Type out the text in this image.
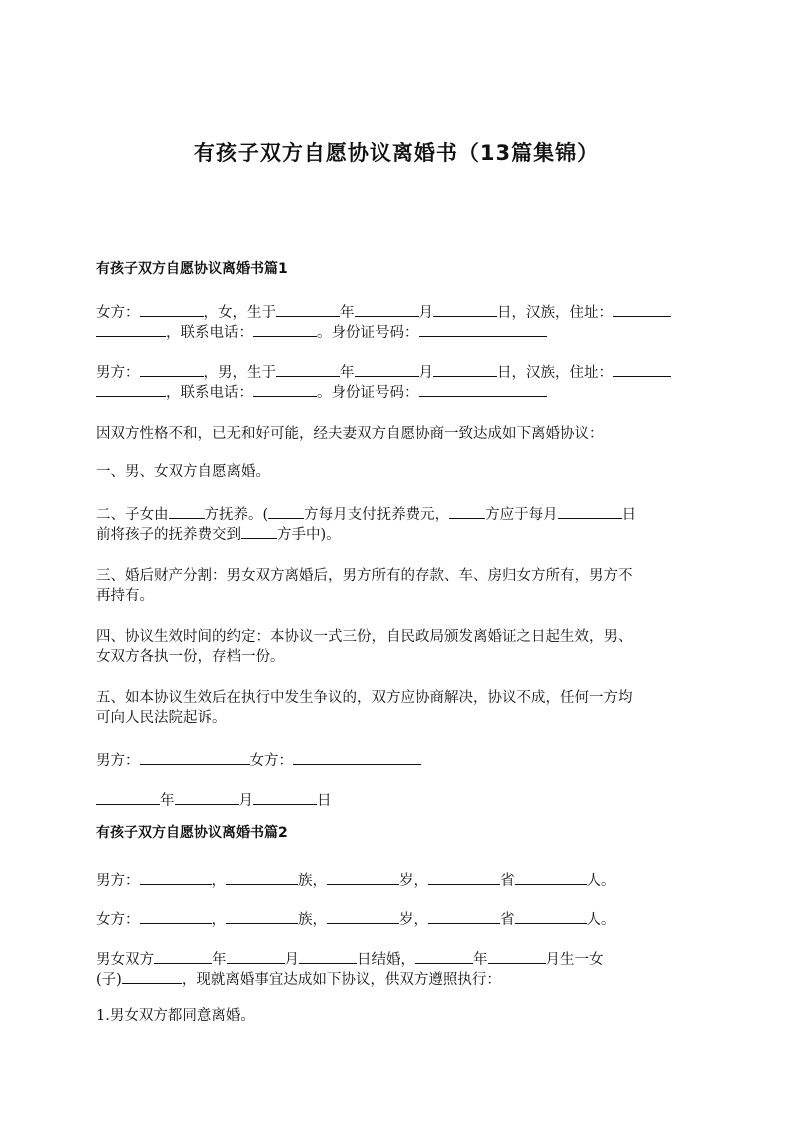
有孩子双方自愿协议离婚书（13篇集锦）
有孩子双方自愿协议离婚书篇1
女方：	，女，生于	年	月	日，汉族，住址：
，联系电话：	。身份证号码：
男方：	，男，生于	年	月	日，汉族，住址：
，联系电话：	。身份证号码：
因双方性格不和，已无和好可能，经夫妻双方自愿协商一致达成如下离婚协议：
一、男、女双方自愿离婚。
二、子女由 方抚养。( 方每月支付抚养费元， 方应于每月	日
前将孩子的抚养费交到 方手中)。
三、婚后财产分割：男女双方离婚后，男方所有的存款、车、房归女方所有，男方不
再持有。
四、协议生效时间的约定：本协议一式三份，自民政局颁发离婚证之日起生效，男、
女双方各执一份，存档一份。
五、如本协议生效后在执行中发生争议的，双方应协商解决，协议不成，任何一方均
可向人民法院起诉。
男方：	女方：
年	月	日
有孩子双方自愿协议离婚书篇2
男方：	，	族，	岁，	省	人。
女方：	，	族，	岁，	省	人。
男女双方	年	月	日结婚，	年	月生一女
(子)	，现就离婚事宜达成如下协议，供双方遵照执行：
1.男女双方都同意离婚。
